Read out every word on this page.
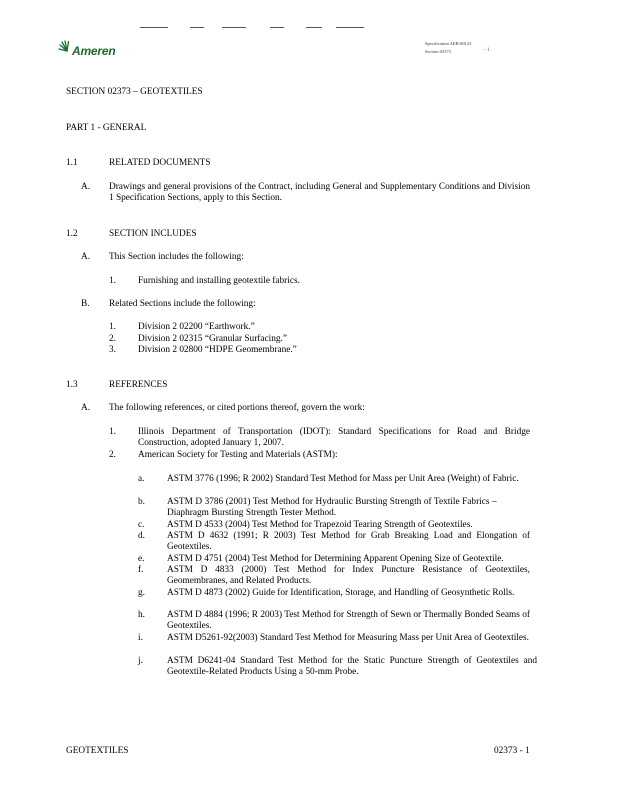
Ameren
Specification AEB-00123
Section 02373	- 1
SECTION 02373 – GEOTEXTILES
PART 1 - GENERAL
1.1	RELATED DOCUMENTS
A. Drawings and general provisions of the Contract, including General and Supplementary Conditions and Division 1 Specification Sections, apply to this Section.
1.2	SECTION INCLUDES
A. This Section includes the following:
1. Furnishing and installing geotextile fabrics.
B. Related Sections include the following:
1. Division 2 02200 “Earthwork.”
2. Division 2 02315 “Granular Surfacing.”
3. Division 2 02800 “HDPE Geomembrane.”
1.3	REFERENCES
A. The following references, or cited portions thereof, govern the work:
1. Illinois Department of Transportation (IDOT): Standard Specifications for Road and Bridge Construction, adopted January 1, 2007.
2. American Society for Testing and Materials (ASTM):
a. ASTM 3776 (1996; R 2002) Standard Test Method for Mass per Unit Area (Weight) of Fabric.
b. ASTM D 3786 (2001) Test Method for Hydraulic Bursting Strength of Textile Fabrics – Diaphragm Bursting Strength Tester Method.
c. ASTM D 4533 (2004) Test Method for Trapezoid Tearing Strength of Geotextiles.
d. ASTM D 4632 (1991; R 2003) Test Method for Grab Breaking Load and Elongation of Geotextiles.
e. ASTM D 4751 (2004) Test Method for Determining Apparent Opening Size of Geotextile.
f.	ASTM D 4833 (2000) Test Method for Index Puncture Resistance of Geotextiles, Geomembranes, and Related Products.
g. ASTM D 4873 (2002) Guide for Identification, Storage, and Handling of Geosynthetic Rolls.
h. ASTM D 4884 (1996; R 2003) Test Method for Strength of Sewn or Thermally Bonded Seams of Geotextiles.
i.	ASTM D5261-92(2003) Standard Test Method for Measuring Mass per Unit Area of Geotextiles.
j.	ASTM D6241-04 Standard Test Method for the Static Puncture Strength of Geotextiles and Geotextile-Related Products Using a 50-mm Probe.
GEOTEXTILES	02373 - 1
